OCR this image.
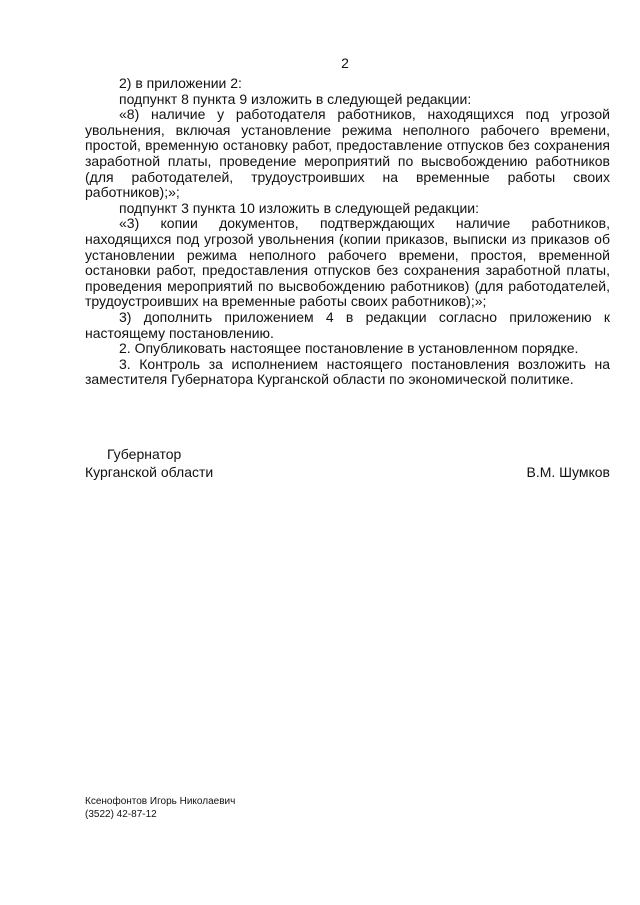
2

2) в приложении 2:

подпункт 8 пункта 9 изложить в следующей редакции:

«8) наличие у работодателя работников, находящихся под угрозой увольнения, включая установление режима неполного рабочего времени, простой, временную остановку работ, предоставление отпусков без сохранения заработной платы, проведение мероприятий по высвобождению работников (для работодателей, трудоустроивших на временные работы своих работников);»;

подпункт 3 пункта 10 изложить в следующей редакции:

«3) копии документов, подтверждающих наличие работников, находящихся под угрозой увольнения (копии приказов, выписки из приказов об установлении режима неполного рабочего времени, простоя, временной остановки работ, предоставления отпусков без сохранения заработной платы, проведения мероприятий по высвобождению работников) (для работодателей, трудоустроивших на временные работы своих работников);»;

3) дополнить приложением 4 в редакции согласно приложению к настоящему постановлению.

2. Опубликовать настоящее постановление в установленном порядке.

3. Контроль за исполнением настоящего постановления возложить на заместителя Губернатора Курганской области по экономической политике.

Губернатор
Курганской области	В.М. Шумков
Ксенофонтов Игорь Николаевич
(3522) 42-87-12
